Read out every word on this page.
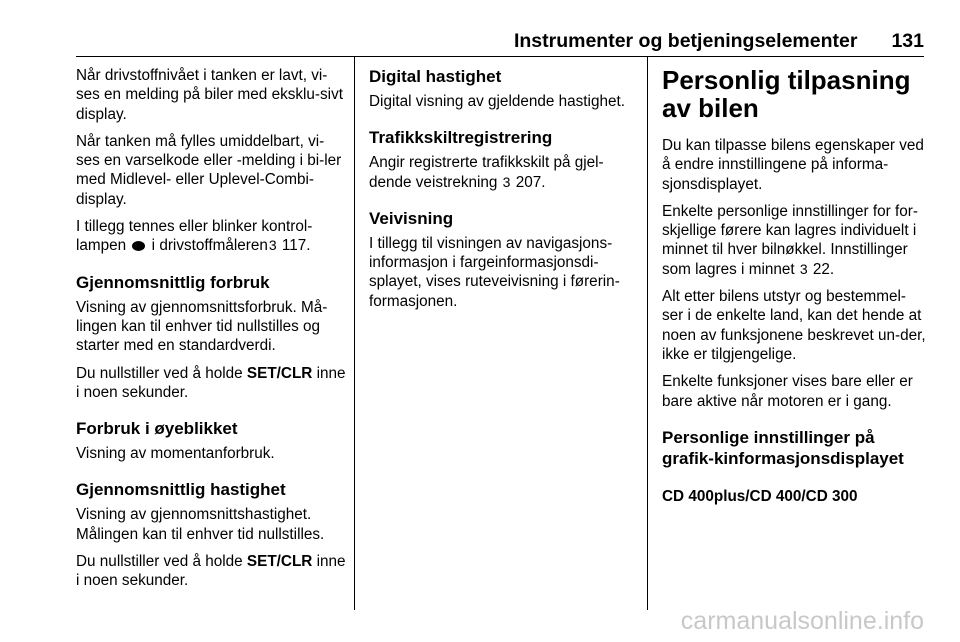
Instrumenter og betjeningselementer 131

Når drivstoffnivået i tanken er lavt, vi-ses en melding på biler med eksklu-sivt display.

Når tanken må fylles umiddelbart, vi-ses en varselkode eller -melding i bi-ler med Midlevel- eller Uplevel-Combi-display.

I tillegg tennes eller blinker kontrol-lampen i drivstoffmåleren3 117.

Gjennomsnittlig forbruk

Visning av gjennomsnittsforbruk. Må-lingen kan til enhver tid nullstilles og starter med en standardverdi.

Du nullstiller ved å holde SET/CLR inne i noen sekunder.

Forbruk i øyeblikket

Visning av momentanforbruk.

Gjennomsnittlig hastighet

Visning av gjennomsnittshastighet. Målingen kan til enhver tid nullstilles.

Du nullstiller ved å holde SET/CLR inne i noen sekunder.

Digital hastighet

Digital visning av gjeldende hastighet.

Trafikkskiltregistrering

Angir registrerte trafikkskilt på gjel-dende veistrekning 3 207.

Veivisning

I tillegg til visningen av navigasjons-informasjon i fargeinformasjonsdi-splayet, vises ruteveivisning i førerin-formasjonen.

Personlig tilpasning av bilen

Du kan tilpasse bilens egenskaper ved å endre innstillingene på informa-sjonsdisplayet.

Enkelte personlige innstillinger for for-skjellige førere kan lagres individuelt i minnet til hver bilnøkkel. Innstillinger som lagres i minnet 3 22.

Alt etter bilens utstyr og bestemmel-ser i de enkelte land, kan det hende at noen av funksjonene beskrevet un-der, ikke er tilgjengelige.

Enkelte funksjoner vises bare eller er bare aktive når motoren er i gang.

Personlige innstillinger på grafik-kinformasjonsdisplayet
CD 400plus/CD 400/CD 300
carmanualsonline.info
